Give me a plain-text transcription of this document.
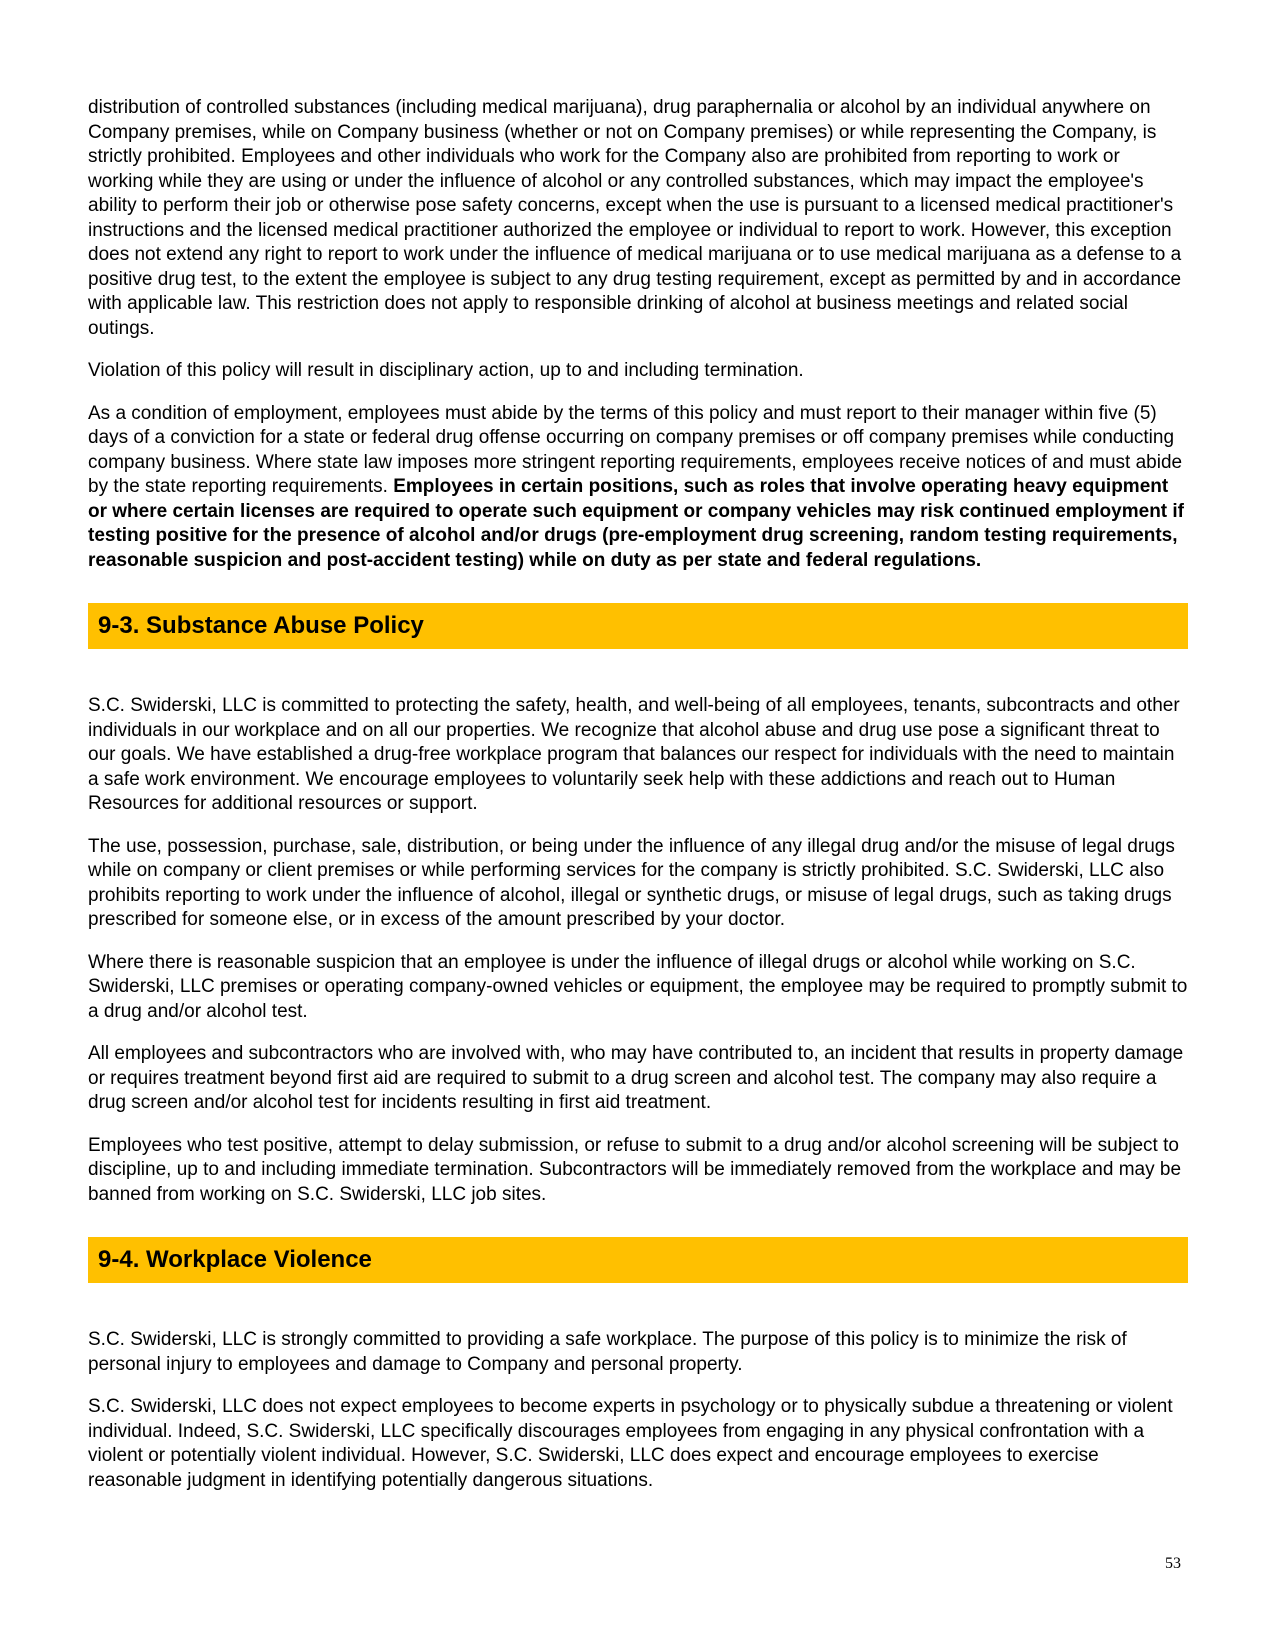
distribution of controlled substances (including medical marijuana), drug paraphernalia or alcohol by an individual anywhere on Company premises, while on Company business (whether or not on Company premises) or while representing the Company, is strictly prohibited. Employees and other individuals who work for the Company also are prohibited from reporting to work or working while they are using or under the influence of alcohol or any controlled substances, which may impact the employee's ability to perform their job or otherwise pose safety concerns, except when the use is pursuant to a licensed medical practitioner's instructions and the licensed medical practitioner authorized the employee or individual to report to work. However, this exception does not extend any right to report to work under the influence of medical marijuana or to use medical marijuana as a defense to a positive drug test, to the extent the employee is subject to any drug testing requirement, except as permitted by and in accordance with applicable law. This restriction does not apply to responsible drinking of alcohol at business meetings and related social outings.

Violation of this policy will result in disciplinary action, up to and including termination.

As a condition of employment, employees must abide by the terms of this policy and must report to their manager within five (5) days of a conviction for a state or federal drug offense occurring on company premises or off company premises while conducting company business. Where state law imposes more stringent reporting requirements, employees receive notices of and must abide by the state reporting requirements. Employees in certain positions, such as roles that involve operating heavy equipment or where certain licenses are required to operate such equipment or company vehicles may risk continued employment if testing positive for the presence of alcohol and/or drugs (pre-employment drug screening, random testing requirements, reasonable suspicion and post-accident testing) while on duty as per state and federal regulations.

9-3. Substance Abuse Policy

S.C. Swiderski, LLC is committed to protecting the safety, health, and well-being of all employees, tenants, subcontracts and other individuals in our workplace and on all our properties. We recognize that alcohol abuse and drug use pose a significant threat to our goals. We have established a drug-free workplace program that balances our respect for individuals with the need to maintain a safe work environment. We encourage employees to voluntarily seek help with these addictions and reach out to Human Resources for additional resources or support.

The use, possession, purchase, sale, distribution, or being under the influence of any illegal drug and/or the misuse of legal drugs while on company or client premises or while performing services for the company is strictly prohibited. S.C. Swiderski, LLC also prohibits reporting to work under the influence of alcohol, illegal or synthetic drugs, or misuse of legal drugs, such as taking drugs prescribed for someone else, or in excess of the amount prescribed by your doctor.

Where there is reasonable suspicion that an employee is under the influence of illegal drugs or alcohol while working on S.C. Swiderski, LLC premises or operating company-owned vehicles or equipment, the employee may be required to promptly submit to a drug and/or alcohol test.

All employees and subcontractors who are involved with, who may have contributed to, an incident that results in property damage or requires treatment beyond first aid are required to submit to a drug screen and alcohol test. The company may also require a drug screen and/or alcohol test for incidents resulting in first aid treatment.

Employees who test positive, attempt to delay submission, or refuse to submit to a drug and/or alcohol screening will be subject to discipline, up to and including immediate termination. Subcontractors will be immediately removed from the workplace and may be banned from working on S.C. Swiderski, LLC job sites.

9-4. Workplace Violence

S.C. Swiderski, LLC is strongly committed to providing a safe workplace. The purpose of this policy is to minimize the risk of personal injury to employees and damage to Company and personal property.

S.C. Swiderski, LLC does not expect employees to become experts in psychology or to physically subdue a threatening or violent individual. Indeed, S.C. Swiderski, LLC specifically discourages employees from engaging in any physical confrontation with a violent or potentially violent individual. However, S.C. Swiderski, LLC does expect and encourage employees to exercise reasonable judgment in identifying potentially dangerous situations.

53
